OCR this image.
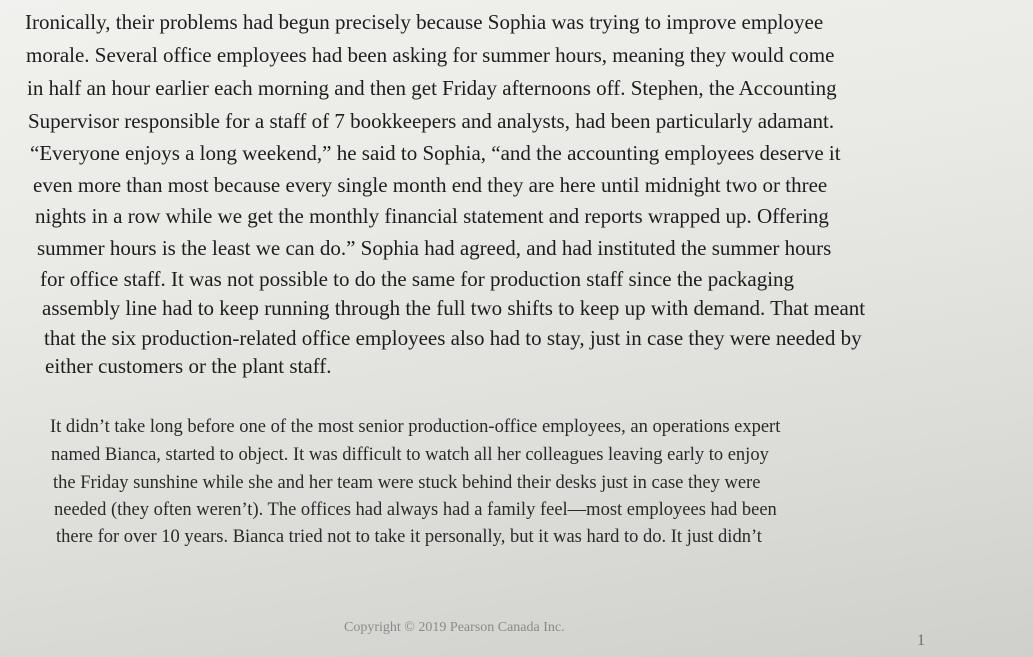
Ironically, their problems had begun precisely because Sophia was trying to improve employee
morale. Several office employees had been asking for summer hours, meaning they would come
in half an hour earlier each morning and then get Friday afternoons off. Stephen, the Accounting
Supervisor responsible for a staff of 7 bookkeepers and analysts, had been particularly adamant.
“Everyone enjoys a long weekend,” he said to Sophia, “and the accounting employees deserve it
even more than most because every single month end they are here until midnight two or three
nights in a row while we get the monthly financial statement and reports wrapped up. Offering
summer hours is the least we can do.” Sophia had agreed, and had instituted the summer hours
for office staff. It was not possible to do the same for production staff since the packaging
assembly line had to keep running through the full two shifts to keep up with demand. That meant
that the six production-related office employees also had to stay, just in case they were needed by
either customers or the plant staff.
It didn’t take long before one of the most senior production-office employees, an operations expert
named Bianca, started to object. It was difficult to watch all her colleagues leaving early to enjoy
the Friday sunshine while she and her team were stuck behind their desks just in case they were
needed (they often weren’t). The offices had always had a family feel—most employees had been
there for over 10 years. Bianca tried not to take it personally, but it was hard to do. It just didn’t
Copyright © 2019 Pearson Canada Inc.
1
